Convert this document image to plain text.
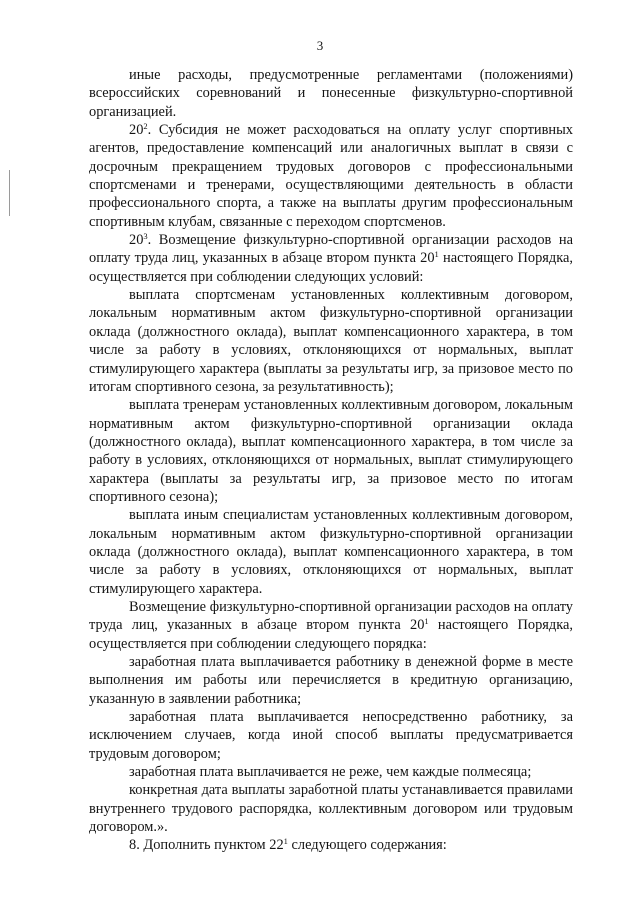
3

иные расходы, предусмотренные регламентами (положениями) всероссийских соревнований и понесенные физкультурно-спортивной организацией.

$20^2$. Субсидия не может расходоваться на оплату услуг спортивных агентов, предоставление компенсаций или аналогичных выплат в связи с досрочным прекращением трудовых договоров с профессиональными спортсменами и тренерами, осуществляющими деятельность в области профессионального спорта, а также на выплаты другим профессиональным спортивным клубам, связанные с переходом спортсменов.

$20^3$. Возмещение физкультурно-спортивной организации расходов на оплату труда лиц, указанных в абзаце втором пункта $20^1$ настоящего Порядка, осуществляется при соблюдении следующих условий:

выплата спортсменам установленных коллективным договором, локальным нормативным актом физкультурно-спортивной организации оклада (должностного оклада), выплат компенсационного характера, в том числе за работу в условиях, отклоняющихся от нормальных, выплат стимулирующего характера (выплаты за результаты игр, за призовое место по итогам спортивного сезона, за результативность);

выплата тренерам установленных коллективным договором, локальным нормативным актом физкультурно-спортивной организации оклада (должностного оклада), выплат компенсационного характера, в том числе за работу в условиях, отклоняющихся от нормальных, выплат стимулирующего характера (выплаты за результаты игр, за призовое место по итогам спортивного сезона);

выплата иным специалистам установленных коллективным договором, локальным нормативным актом физкультурно-спортивной организации оклада (должностного оклада), выплат компенсационного характера, в том числе за работу в условиях, отклоняющихся от нормальных, выплат стимулирующего характера.

Возмещение физкультурно-спортивной организации расходов на оплату труда лиц, указанных в абзаце втором пункта $20^1$ настоящего Порядка, осуществляется при соблюдении следующего порядка:

заработная плата выплачивается работнику в денежной форме в месте выполнения им работы или перечисляется в кредитную организацию, указанную в заявлении работника;

заработная плата выплачивается непосредственно работнику, за исключением случаев, когда иной способ выплаты предусматривается трудовым договором;

заработная плата выплачивается не реже, чем каждые полмесяца;

конкретная дата выплаты заработной платы устанавливается правилами внутреннего трудового распорядка, коллективным договором или трудовым договором.».

8. Дополнить пунктом $22^1$ следующего содержания:
